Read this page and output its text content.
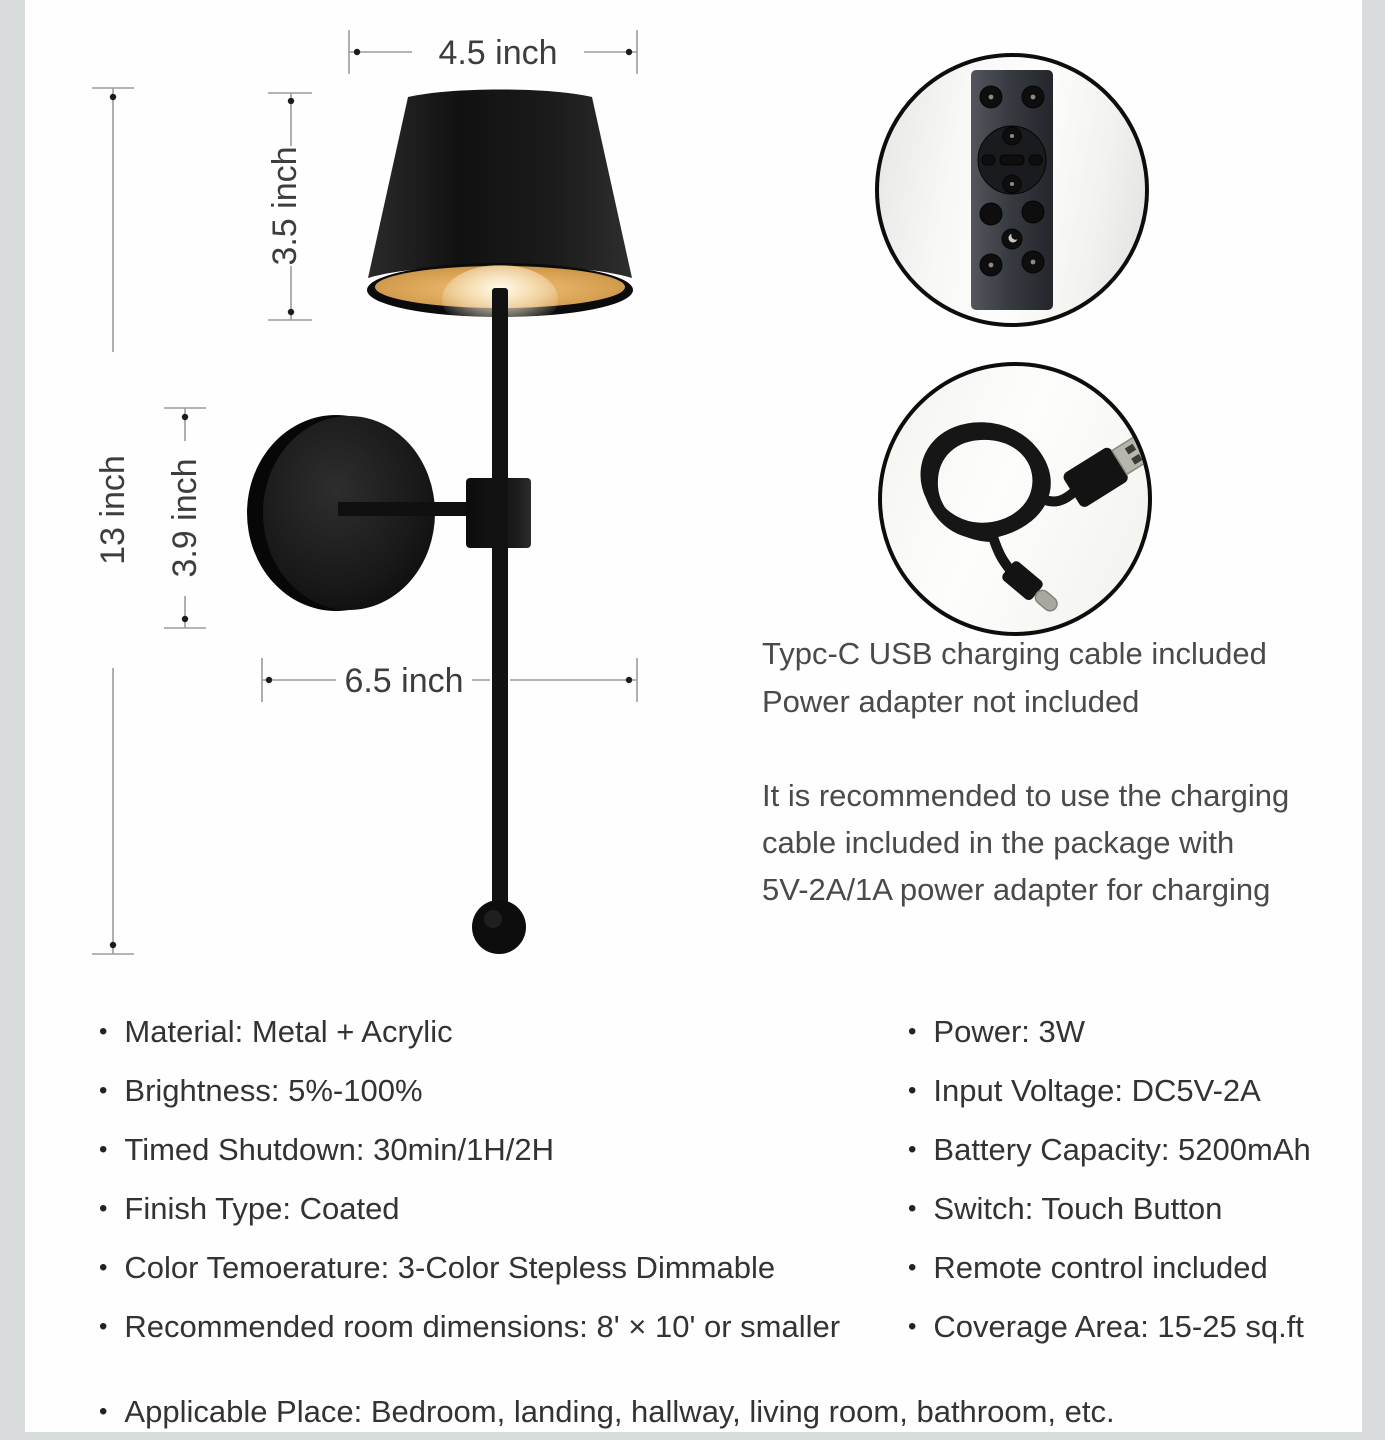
4.5 inch
3.5 inch
13 inch 3.9 inch
6.5 inch
Typc-C USB charging cable included
Power adapter not included
It is recommended to use the charging
cable included in the package with
5V-2A/1A power adapter for charging
• Material: Metal + Acrylic
• Brightness: 5%-100%
• Timed Shutdown: 30min/1H/2H
• Finish Type: Coated
• Color Temoerature: 3-Color Stepless Dimmable
• Recommended room dimensions: 8' × 10' or smaller
• Power: 3W
• Input Voltage: DC5V-2A
• Battery Capacity: 5200mAh
• Switch: Touch Button
• Remote control included
• Coverage Area: 15-25 sq.ft
• Applicable Place: Bedroom, landing, hallway, living room, bathroom, etc.
